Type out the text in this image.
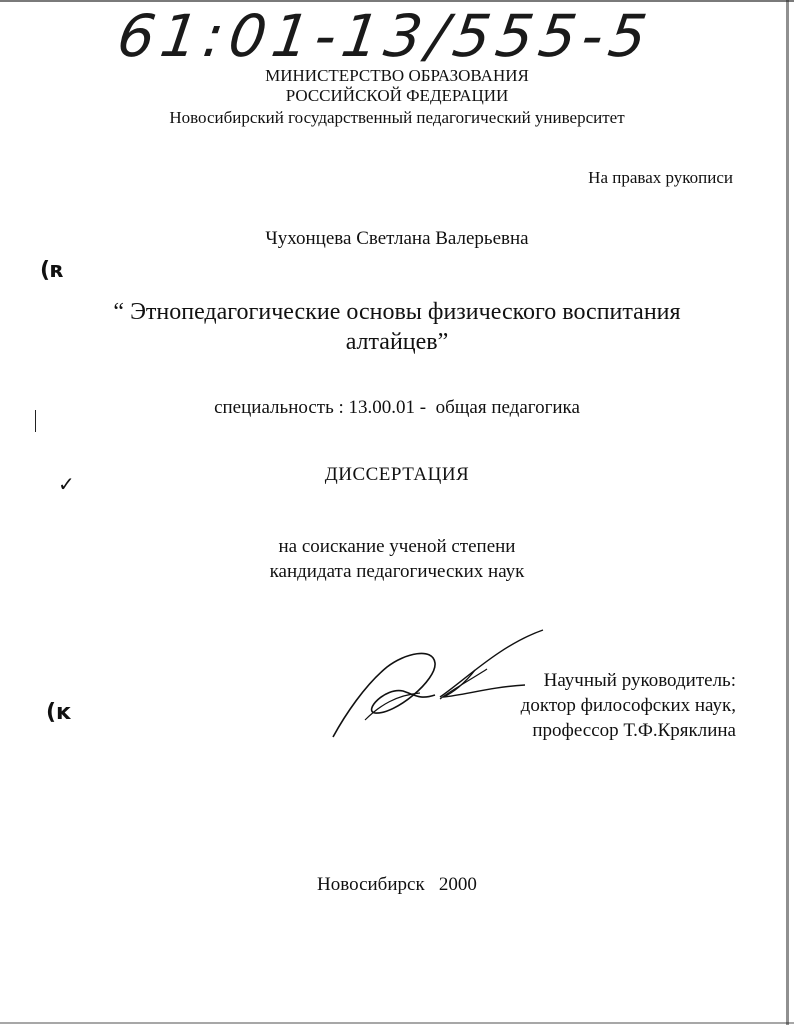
(ʀ
✓
(ĸ
61:01-13/555-5
МИНИСТЕРСТВО ОБРАЗОВАНИЯ
РОССИЙСКОЙ ФЕДЕРАЦИИ
Новосибирский государственный педагогический университет
На правах рукописи
Чухонцева Светлана Валерьевна
“ Этнопедагогические основы физического воспитания
алтайцев”
специальность : 13.00.01 -  общая педагогика
ДИССЕРТАЦИЯ
на соискание ученой степени
кандидата педагогических наук
Научный руководитель:
доктор философских наук,
профессор Т.Ф.Кряклина
Новосибирск   2000
